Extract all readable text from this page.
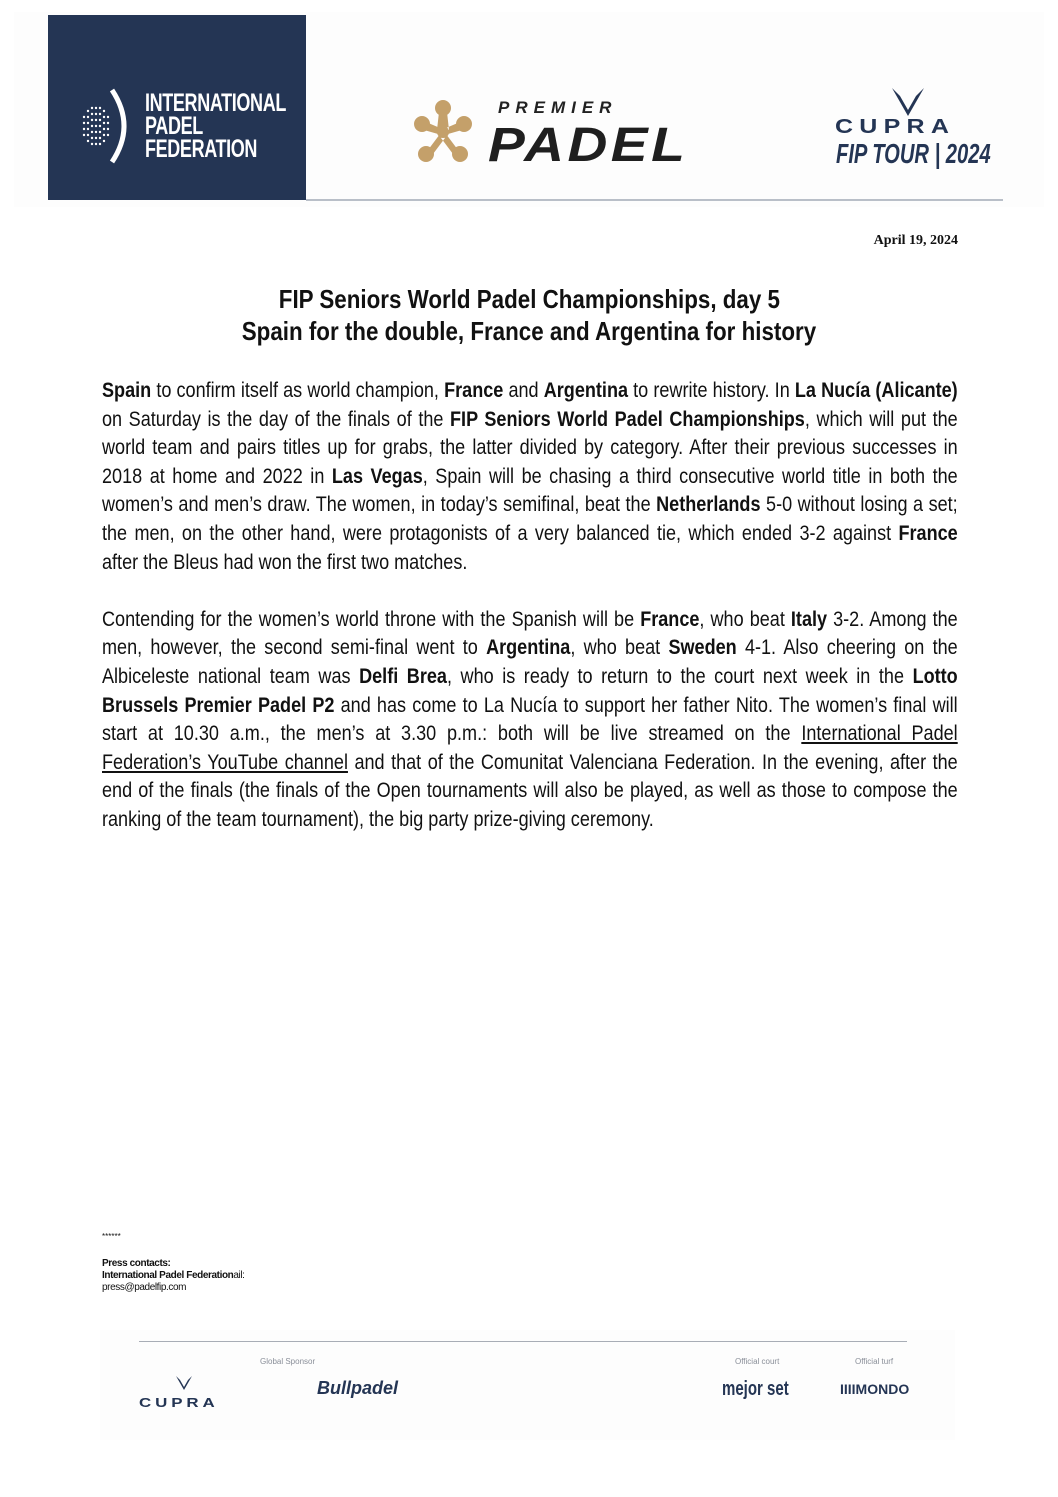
INTERNATIONAL
PADEL
FEDERATION
PREMIER
PADEL	CUPRA
FIP TOUR | 2024
April 19, 2024
FIP Seniors World Padel Championships, day 5
Spain for the double, France and Argentina for history

Spain to confirm itself as world champion, France and Argentina to rewrite history. In La Nucía (Alicante) on Saturday is the day of the finals of the FIP Seniors World Padel Championships, which will put the world team and pairs titles up for grabs, the latter divided by category. After their previous successes in 2018 at home and 2022 in Las Vegas, Spain will be chasing a third consecutive world title in both the women’s and men’s draw. The women, in today’s semifinal, beat the Netherlands 5-0 without losing a set; the men, on the other hand, were protagonists of a very balanced tie, which ended 3-2 against France after the Bleus had won the first two matches.

Contending for the women’s world throne with the Spanish will be France, who beat Italy 3-2. Among the men, however, the second semi-final went to Argentina, who beat Sweden 4-1. Also cheering on the Albiceleste national team was Delfi Brea, who is ready to return to the court next week in the Lotto Brussels Premier Padel P2 and has come to La Nucía to support her father Nito. The women’s final will start at 10.30 a.m., the men’s at 3.30 p.m.: both will be live streamed on the International Padel Federation’s YouTube channel and that of the Comunitat Valenciana Federation. In the evening, after the end of the finals (the finals of the Open tournaments will also be played, as well as those to compose the ranking of the team tournament), the big party prize-giving ceremony.

******
Press contacts:
International Padel Federationail:
press@padelfip.com
Global Sponsor	Official court	Official turf
CUPRA
Bullpadel	mejor set	IIIIMONDO
